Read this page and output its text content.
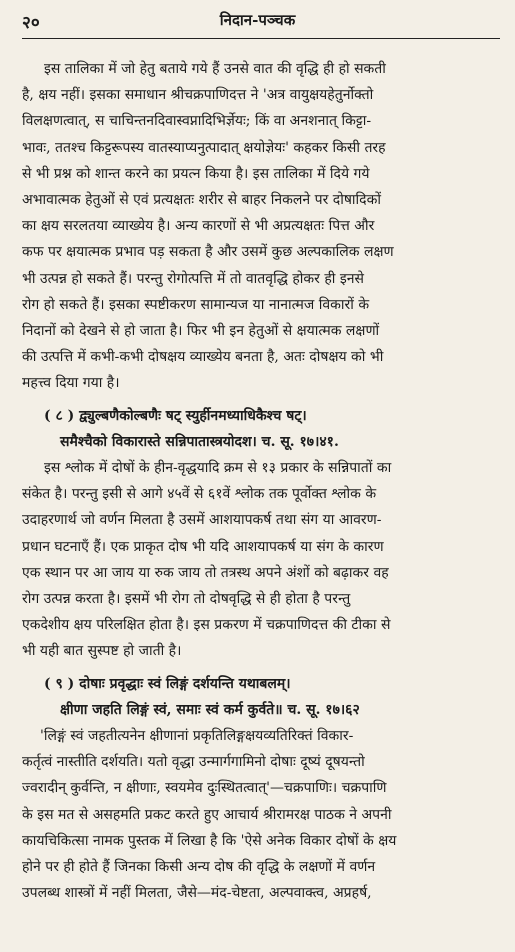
२०	निदान-पञ्चक
इस तालिका में जो हेतु बताये गये हैं उनसे वात की वृद्धि ही हो सकती
है, क्षय नहीं। इसका समाधान श्रीचक्रपाणिदत्त ने 'अत्र वायुक्षयहेतुर्नोक्तो
विलक्षणत्वात्, स चाचिन्तनदिवास्वप्नादिभिर्ज्ञेयः; किं वा अनशनात् किट्टा-
भावः, ततश्च किट्टरूपस्य वातस्याप्यनुत्पादात् क्षयोज्ञेयः' कहकर किसी तरह
से भी प्रश्न को शान्त करने का प्रयत्न किया है। इस तालिका में दिये गये
अभावात्मक हेतुओं से एवं प्रत्यक्षतः शरीर से बाहर निकलने पर दोषादिकों
का क्षय सरलतया व्याख्येय है। अन्य कारणों से भी अप्रत्यक्षतः पित्त और
कफ पर क्षयात्मक प्रभाव पड़ सकता है और उसमें कुछ अल्पकालिक लक्षण
भी उत्पन्न हो सकते हैं। परन्तु रोगोत्पत्ति में तो वातवृद्धि होकर ही इनसे
रोग हो सकते हैं। इसका स्पष्टीकरण सामान्यज या नानात्मज विकारों के
निदानों को देखने से हो जाता है। फिर भी इन हेतुओं से क्षयात्मक लक्षणों
की उत्पत्ति में कभी-कभी दोषक्षय व्याख्येय बनता है, अतः दोषक्षय को भी
महत्त्व दिया गया है।
( ८ ) द्व्युल्बणैकोल्बणैः षट् स्युर्हीनमध्याधिकैश्च षट्।
समैश्चैको विकारास्ते सन्निपातास्त्रयोदश। च. सू. १७।४१.
इस श्लोक में दोषों के हीन-वृद्धयादि क्रम से १३ प्रकार के सन्निपातों का
संकेत है। परन्तु इसी से आगे ४५वें से ६१वें श्लोक तक पूर्वोक्त श्लोक के
उदाहरणार्थ जो वर्णन मिलता है उसमें आशयापकर्ष तथा संग या आवरण-
प्रधान घटनाएँ हैं। एक प्राकृत दोष भी यदि आशयापकर्ष या संग के कारण
एक स्थान पर आ जाय या रुक जाय तो तत्रस्थ अपने अंशों को बढ़ाकर वह
रोग उत्पन्न करता है। इसमें भी रोग तो दोषवृद्धि से ही होता है परन्तु
एकदेशीय क्षय परिलक्षित होता है। इस प्रकरण में चक्रपाणिदत्त की टीका से
भी यही बात सुस्पष्ट हो जाती है।
( ९ ) दोषाः प्रवृद्धाः स्वं लिङ्गं दर्शयन्ति यथाबलम्।
क्षीणा जहति लिङ्गं स्वं, समाः स्वं कर्म कुर्वते॥ च. सू. १७।६२
'लिङ्गं स्वं जहतीत्यनेन क्षीणानां प्रकृतिलिङ्गक्षयव्यतिरिक्तं विकार-
कर्तृत्वं नास्तीति दर्शयति। यतो वृद्धा उन्मार्गगामिनो दोषाः दूष्यं दूषयन्तो
ज्वरादीन् कुर्वन्ति, न क्षीणाः, स्वयमेव दुःस्थितत्वात्'—चक्रपाणिः। चक्रपाणि
के इस मत से असहमति प्रकट करते हुए आचार्य श्रीरामरक्ष पाठक ने अपनी
कायचिकित्सा नामक पुस्तक में लिखा है कि 'ऐसे अनेक विकार दोषों के क्षय
होने पर ही होते हैं जिनका किसी अन्य दोष की वृद्धि के लक्षणों में वर्णन
उपलब्ध शास्त्रों में नहीं मिलता, जैसे—मंद-चेष्टता, अल्पवाक्त्व, अप्रहर्ष,
